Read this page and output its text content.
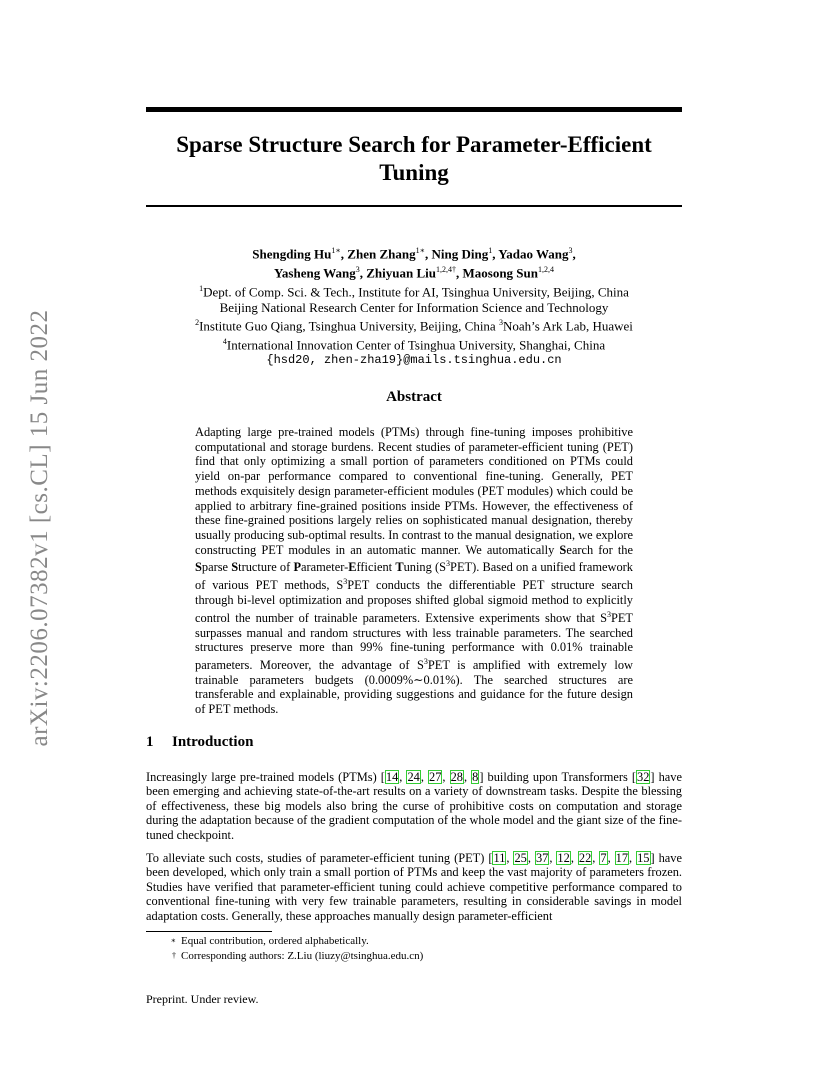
arXiv:2206.07382v1 [cs.CL] 15 Jun 2022
Sparse Structure Search for Parameter-Efficient Tuning
Shengding $Hu^{1∗}$, Zhen Zhang$^{1∗}$, Ning Ding$^1$, Yadao Wang$^3$,
Yasheng Wang$^3$, Zhiyuan Liu$^{1,2,4\dagger}$, Maosong Sun$^{1,2,4}$
$^1$Dept. of Comp. Sci. & Tech., Institute for AI, Tsinghua University, Beijing, China
Beijing National Research Center for Information Science and Technology
$^2$Institute Guo Qiang, Tsinghua University, Beijing, China $^3$Noah’s Ark Lab, Huawei
$^4$International Innovation Center of Tsinghua University, Shanghai, China
{hsd20, zhen-zha19}@mails.tsinghua.edu.cn
Abstract
Adapting large pre-trained models (PTMs) through fine-tuning imposes prohibitive computational and storage burdens. Recent studies of parameter-efficient tuning (PET) find that only optimizing a small portion of parameters conditioned on PTMs could yield on-par performance compared to conventional fine-tuning. Generally, PET methods exquisitely design parameter-efficient modules (PET modules) which could be applied to arbitrary fine-grained positions inside PTMs. However, the effectiveness of these fine-grained positions largely relies on sophisticated manual designation, thereby usually producing sub-optimal results. In contrast to the manual designation, we explore constructing PET modules in an automatic manner. We automatically Search for the Sparse Structure of Parameter-Efficient Tuning $(S^3PET)$. Based on a unified framework of various PET methods, $S^3PET$ conducts the differentiable PET structure search through bi-level optimization and proposes shifted global sigmoid method to explicitly control the number of trainable parameters. Extensive experiments show that $S^3PET$ surpasses manual and random structures with less trainable parameters. The searched structures preserve more than 99% fine-tuning performance with 0.01% trainable parameters. Moreover, the advantage of $S^3PET$ is amplified with extremely low trainable parameters budgets (0.0009%∼0.01%). The searched structures are transferable and explainable, providing suggestions and guidance for the future design of PET methods.
1 Introduction
Increasingly large pre-trained models (PTMs) [14, 24, 27, 28, 8] building upon Transformers [32] have been emerging and achieving state-of-the-art results on a variety of downstream tasks. Despite the blessing of effectiveness, these big models also bring the curse of prohibitive costs on computation and storage during the adaptation because of the gradient computation of the whole model and the giant size of the fine-tuned checkpoint.
To alleviate such costs, studies of parameter-efficient tuning (PET) [11, 25, 37, 12, 22, 7, 17, 15] have been developed, which only train a small portion of PTMs and keep the vast majority of parameters frozen. Studies have verified that parameter-efficient tuning could achieve competitive performance compared to conventional fine-tuning with very few trainable parameters, resulting in considerable savings in model adaptation costs. Generally, these approaches manually design parameter-efficient
∗ Equal contribution, ordered alphabetically.
† Corresponding authors: Z.Liu (liuzy@tsinghua.edu.cn)
Preprint. Under review.
